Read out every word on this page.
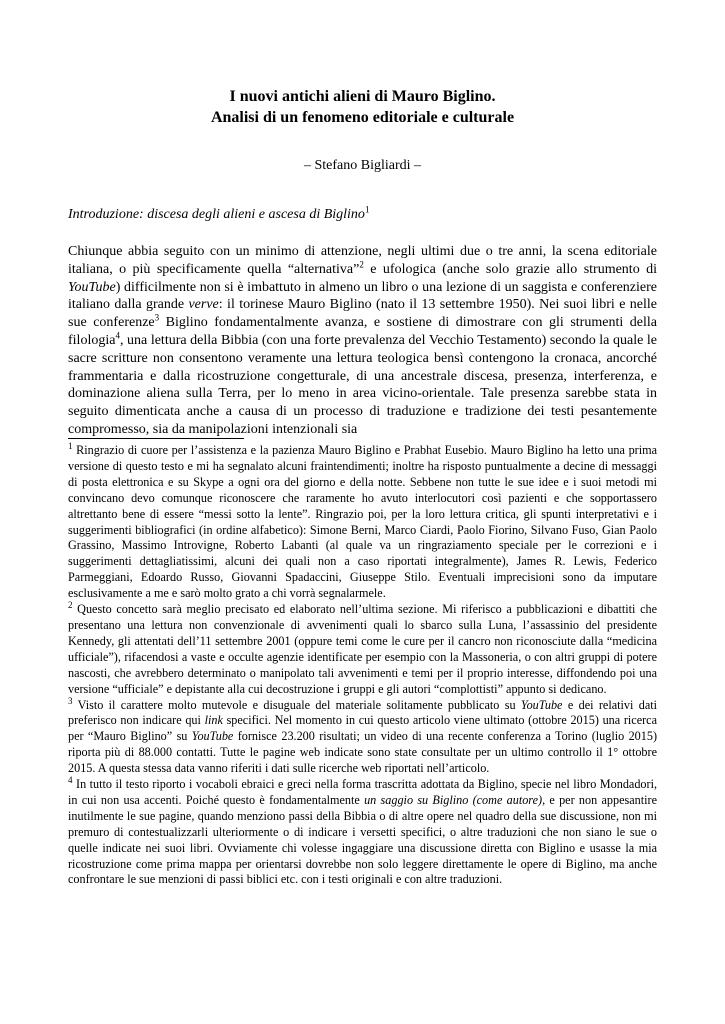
I nuovi antichi alieni di Mauro Biglino.
Analisi di un fenomeno editoriale e culturale
– Stefano Bigliardi –
Introduzione: discesa degli alieni e ascesa di Biglino$^1$

Chiunque abbia seguito con un minimo di attenzione, negli ultimi due o tre anni, la scena editoriale italiana, o più specificamente quella “alternativa”$^2$ e ufologica (anche solo grazie allo strumento di YouTube) difficilmente non si è imbattuto in almeno un libro o una lezione di un saggista e conferenziere italiano dalla grande verve: il torinese Mauro Biglino (nato il 13 settembre 1950). Nei suoi libri e nelle sue conferenze$^3$ Biglino fondamentalmente avanza, e sostiene di dimostrare con gli strumenti della filologia$^4$, una lettura della Bibbia (con una forte prevalenza del Vecchio Testamento) secondo la quale le sacre scritture non consentono veramente una lettura teologica bensì contengono la cronaca, ancorché frammentaria e dalla ricostruzione congetturale, di una ancestrale discesa, presenza, interferenza, e dominazione aliena sulla Terra, per lo meno in area vicino-orientale. Tale presenza sarebbe stata in seguito dimenticata anche a causa di un processo di traduzione e tradizione dei testi pesantemente compromesso, sia da manipolazioni intenzionali sia

$^1$ Ringrazio di cuore per l’assistenza e la pazienza Mauro Biglino e Prabhat Eusebio. Mauro Biglino ha letto una prima versione di questo testo e mi ha segnalato alcuni fraintendimenti; inoltre ha risposto puntualmente a decine di messaggi di posta elettronica e su Skype a ogni ora del giorno e della notte. Sebbene non tutte le sue idee e i suoi metodi mi convincano devo comunque riconoscere che raramente ho avuto interlocutori così pazienti e che sopportassero altrettanto bene di essere “messi sotto la lente”. Ringrazio poi, per la loro lettura critica, gli spunti interpretativi e i suggerimenti bibliografici (in ordine alfabetico): Simone Berni, Marco Ciardi, Paolo Fiorino, Silvano Fuso, Gian Paolo Grassino, Massimo Introvigne, Roberto Labanti (al quale va un ringraziamento speciale per le correzioni e i suggerimenti dettagliatissimi, alcuni dei quali non a caso riportati integralmente), James R. Lewis, Federico Parmeggiani, Edoardo Russo, Giovanni Spadaccini, Giuseppe Stilo. Eventuali imprecisioni sono da imputare esclusivamente a me e sarò molto grato a chi vorrà segnalarmele.

$^2$ Questo concetto sarà meglio precisato ed elaborato nell’ultima sezione. Mi riferisco a pubblicazioni e dibattiti che presentano una lettura non convenzionale di avvenimenti quali lo sbarco sulla Luna, l’assassinio del presidente Kennedy, gli attentati dell’11 settembre 2001 (oppure temi come le cure per il cancro non riconosciute dalla “medicina ufficiale”), rifacendosi a vaste e occulte agenzie identificate per esempio con la Massoneria, o con altri gruppi di potere nascosti, che avrebbero determinato o manipolato tali avvenimenti e temi per il proprio interesse, diffondendo poi una versione “ufficiale” e depistante alla cui decostruzione i gruppi e gli autori “complottisti” appunto si dedicano.

$^3$ Visto il carattere molto mutevole e disuguale del materiale solitamente pubblicato su YouTube e dei relativi dati preferisco non indicare qui link specifici. Nel momento in cui questo articolo viene ultimato (ottobre 2015) una ricerca per “Mauro Biglino” su YouTube fornisce 23.200 risultati; un video di una recente conferenza a Torino (luglio 2015) riporta più di 88.000 contatti. Tutte le pagine web indicate sono state consultate per un ultimo controllo il 1° ottobre 2015. A questa stessa data vanno riferiti i dati sulle ricerche web riportati nell’articolo.

$^4$ In tutto il testo riporto i vocaboli ebraici e greci nella forma trascritta adottata da Biglino, specie nel libro Mondadori, in cui non usa accenti. Poiché questo è fondamentalmente un saggio su Biglino (come autore), e per non appesantire inutilmente le sue pagine, quando menziono passi della Bibbia o di altre opere nel quadro della sue discussione, non mi premuro di contestualizzarli ulteriormente o di indicare i versetti specifici, o altre traduzioni che non siano le sue o quelle indicate nei suoi libri. Ovviamente chi volesse ingaggiare una discussione diretta con Biglino e usasse la mia ricostruzione come prima mappa per orientarsi dovrebbe non solo leggere direttamente le opere di Biglino, ma anche confrontare le sue menzioni di passi biblici etc. con i testi originali e con altre traduzioni.
